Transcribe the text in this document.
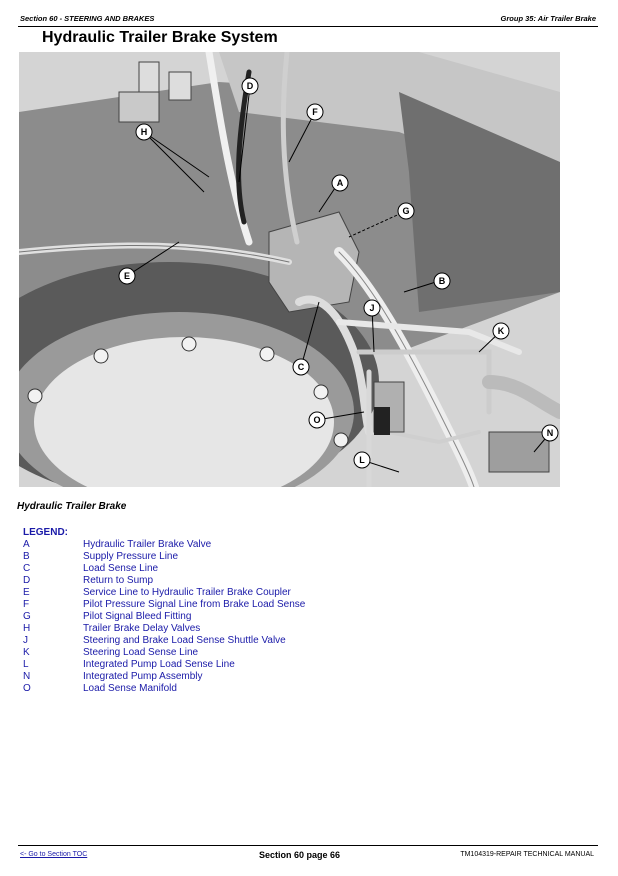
Section 60 - STEERING AND BRAKES	Group 35: Air Trailer Brake
Hydraulic Trailer Brake System
A
B
C
D
E
F
G
H
J
K
L
N
O
Hydraulic Trailer Brake
LEGEND:
A	Hydraulic Trailer Brake Valve
B	Supply Pressure Line
C	Load Sense Line
D	Return to Sump
E	Service Line to Hydraulic Trailer Brake Coupler
F	Pilot Pressure Signal Line from Brake Load Sense
G	Pilot Signal Bleed Fitting
H	Trailer Brake Delay Valves
J	Steering and Brake Load Sense Shuttle Valve
K	Steering Load Sense Line
L	Integrated Pump Load Sense Line
N	Integrated Pump Assembly
O	Load Sense Manifold
<- Go to Section TOC	Section 60 page 66	TM104319-REPAIR TECHNICAL MANUAL
